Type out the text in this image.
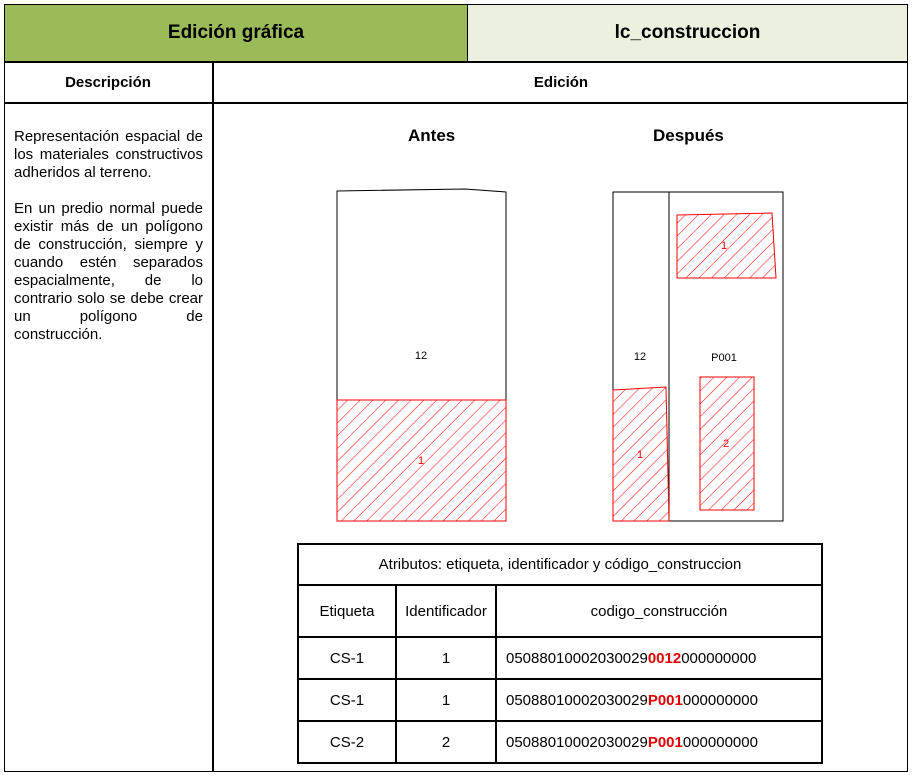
Edición gráfica	lc_construccion
Descripción	Edición

Representación espacial de los materiales constructivos adheridos al terreno.

En un predio normal puede existir más de un polígono de construcción, siempre y cuando estén separados espacialmente, de lo contrario solo se debe crear un polígono de construcción.

Antes	Después
12
1
12	P001
1
1
2
Atributos: etiqueta, identificador y código_construccion		
Etiqueta	Identificador	codigo_construcción
CS-1	1	050880100020300290012000000000
CS-1	1	05088010002030029P001000000000
CS-2	2	05088010002030029P001000000000
